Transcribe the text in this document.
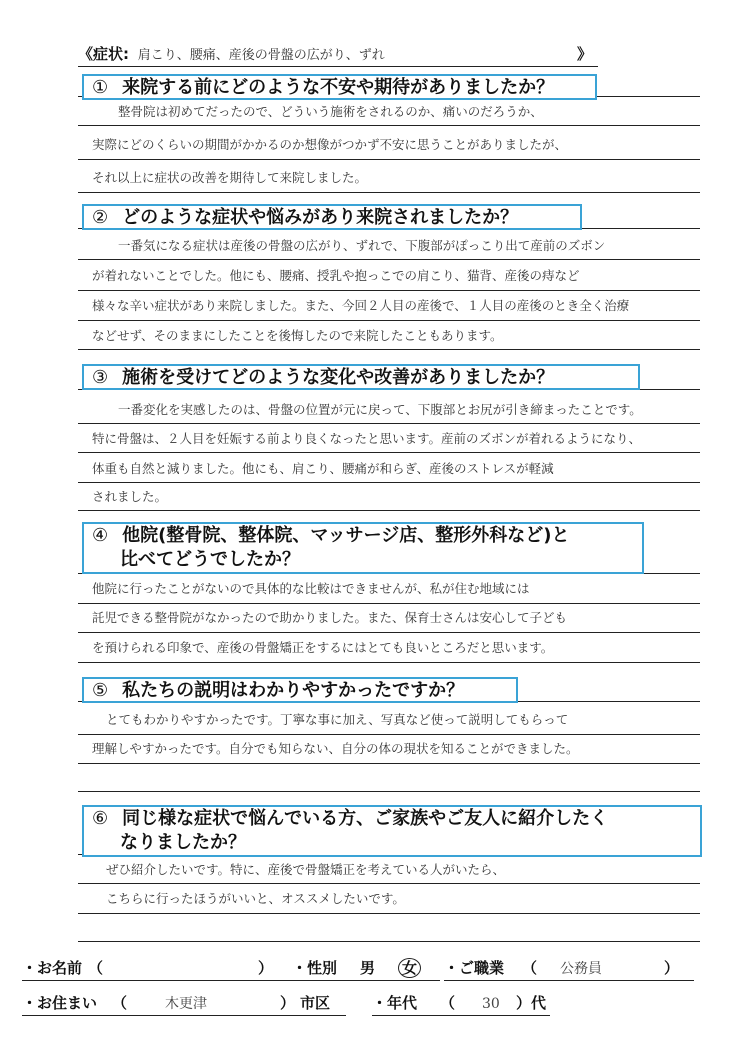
《症状: 肩こり、腰痛、産後の骨盤の広がり、ずれ	》
① 来院する前にどのような不安や期待がありましたか？
整骨院は初めてだったので、どういう施術をされるのか、痛いのだろうか、
実際にどのくらいの期間がかかるのか想像がつかず不安に思うことがありましたが、
それ以上に症状の改善を期待して来院しました。
② どのような症状や悩みがあり来院されましたか？
一番気になる症状は産後の骨盤の広がり、ずれで、下腹部がぽっこり出て産前のズボン
が着れないことでした。他にも、腰痛、授乳や抱っこでの肩こり、猫背、産後の痔など
様々な辛い症状があり来院しました。また、今回２人目の産後で、１人目の産後のとき全く治療
などせず、そのままにしたことを後悔したので来院したこともあります。
③ 施術を受けてどのような変化や改善がありましたか？
一番変化を実感したのは、骨盤の位置が元に戻って、下腹部とお尻が引き締まったことです。
特に骨盤は、２人目を妊娠する前より良くなったと思います。産前のズボンが着れるようになり、
体重も自然と減りました。他にも、肩こり、腰痛が和らぎ、産後のストレスが軽減
されました。
④ 他院(整骨院、整体院、マッサージ店、整形外科など)と
比べてどうでしたか？
他院に行ったことがないので具体的な比較はできませんが、私が住む地域には
託児できる整骨院がなかったので助かりました。また、保育士さんは安心して子ども
を預けられる印象で、産後の骨盤矯正をするにはとても良いところだと思います。
⑤ 私たちの説明はわかりやすかったですか？
とてもわかりやすかったです。丁寧な事に加え、写真など使って説明してもらって
理解しやすかったです。自分でも知らない、自分の体の現状を知ることができました。
⑥ 同じ様な症状で悩んでいる方、ご家族やご友人に紹介したく
なりましたか？
ぜひ紹介したいです。特に、産後で骨盤矯正を考えている人がいたら、
こちらに行ったほうがいいと、オススメしたいです。
・お名前 （	） ・性別 男 女 ・ご職業 （ 公務員	）
・お住まい （	木更津	） 市区	・年代 （ 30 ）代
